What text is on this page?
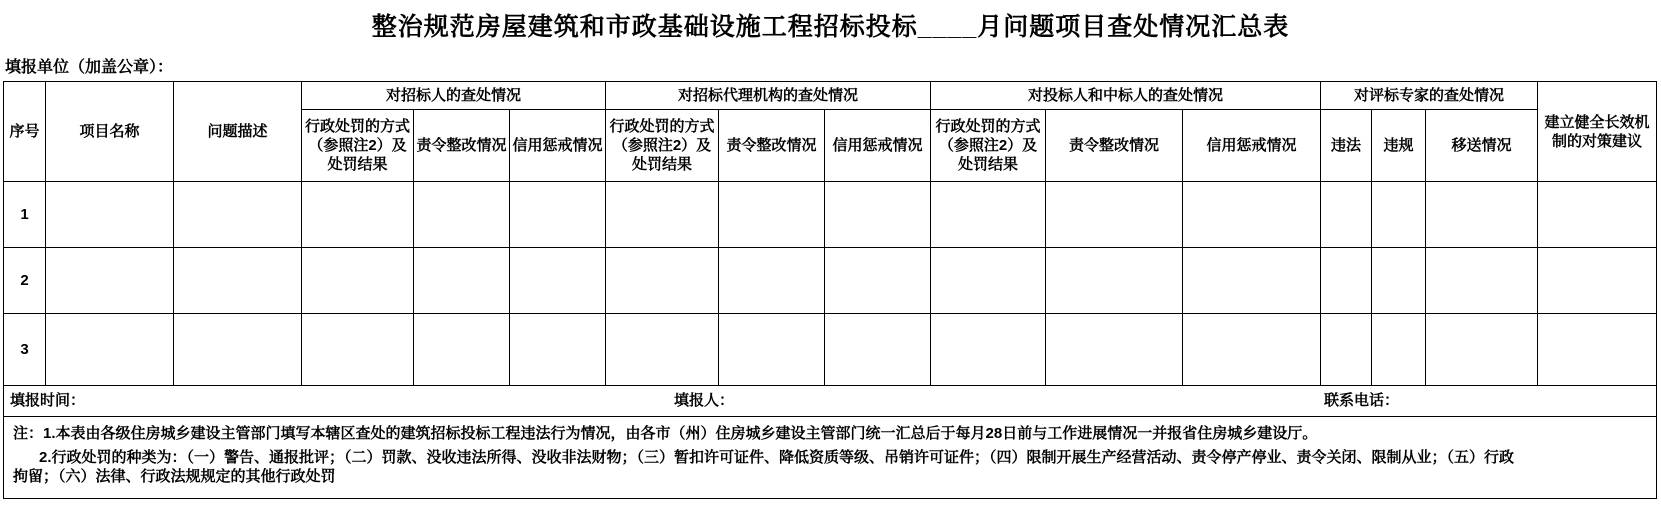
整治规范房屋建筑和市政基础设施工程招标投标____月问题项目查处情况汇总表
填报单位（加盖公章）：
序号	项目名称	问题描述	对招标人的查处情况			对招标代理机构的查处情况			对投标人和中标人的查处情况			对评标专家的查处情况			建立健全长效机制的对策建议
			行政处罚的方式（参照注2）及处罚结果	责令整改情况	信用惩戒情况	行政处罚的方式（参照注2）及处罚结果	责令整改情况	信用惩戒情况	行政处罚的方式（参照注2）及处罚结果	责令整改情况	信用惩戒情况	违法	违规	移送情况	
1															
2															
3															

填报时间： 填报人： 联系电话：															
注：1.本表由各级住房城乡建设主管部门填写本辖区查处的建筑招标投标工程违法行为情况，由各市（州）住房城乡建设主管部门统一汇总后于每月28日前与工作进展情况一并报省住房城乡建设厅。
2.行政处罚的种类为：（一）警告、通报批评；（二）罚款、没收违法所得、没收非法财物；（三）暂扣许可证件、降低资质等级、吊销许可证件；（四）限制开展生产经营活动、责令停产停业、责令关闭、限制从业；（五）行政
拘留；（六）法律、行政法规规定的其他行政处罚
